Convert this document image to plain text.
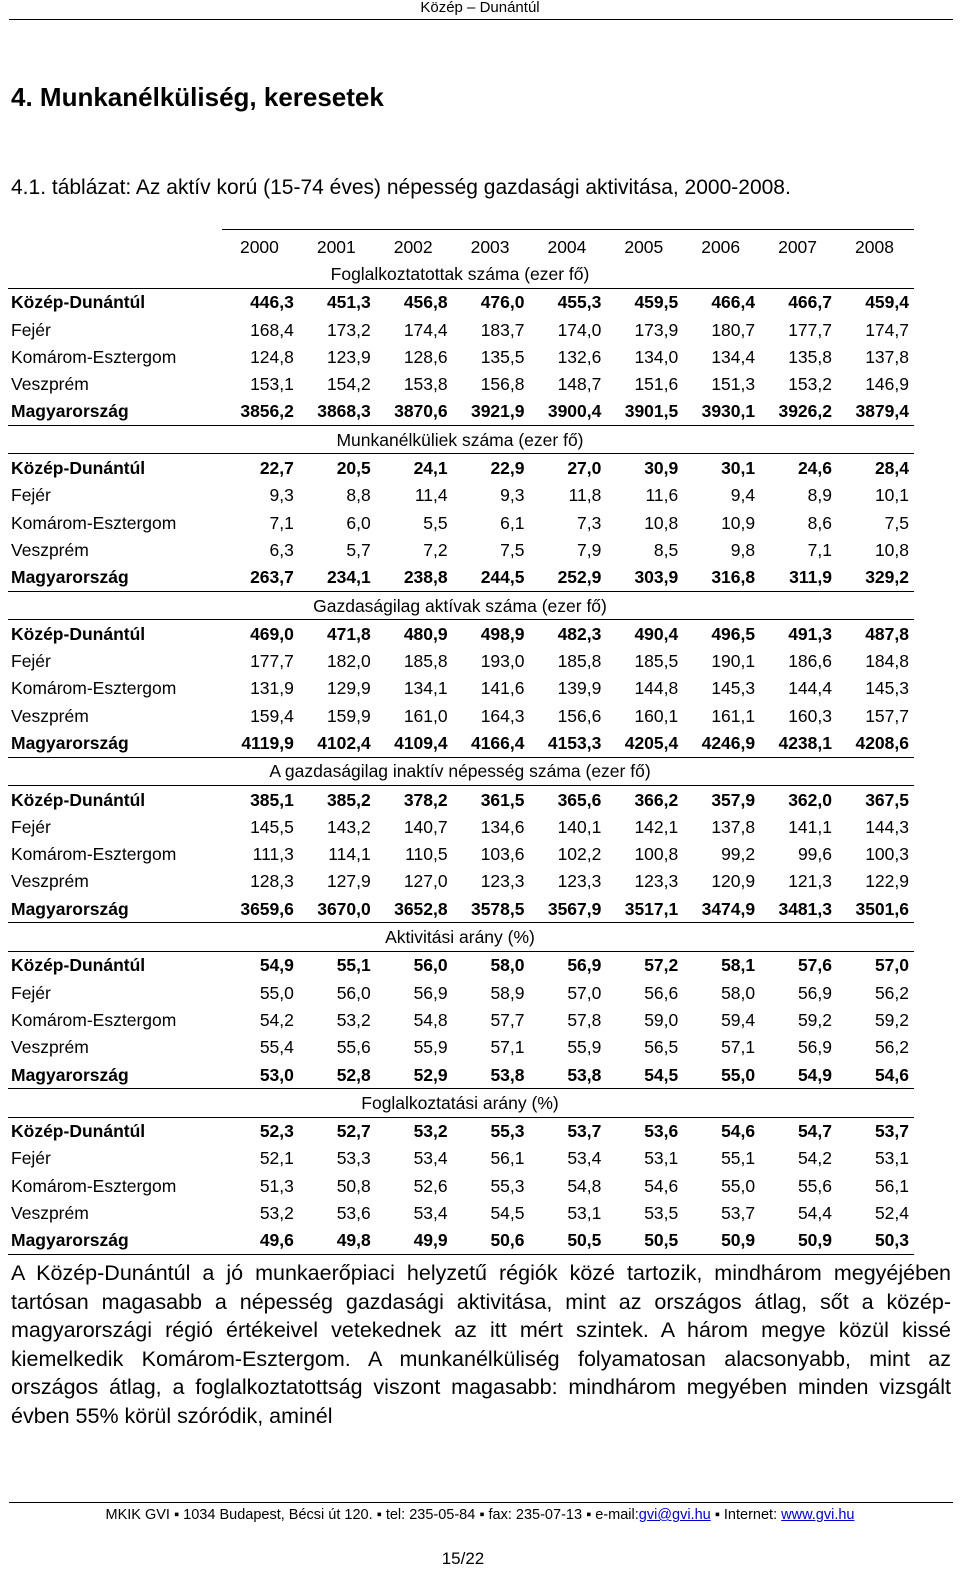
Közép – Dunántúl
4. Munkanélküliség, keresetek
4.1. táblázat: Az aktív korú (15-74 éves) népesség gazdasági aktivitása, 2000-2008.
	2000	2001	2002	2003	2004	2005	2006	2007	2008
Foglalkoztatottak száma (ezer fő)									
Közép-Dunántúl	446,3	451,3	456,8	476,0	455,3	459,5	466,4	466,7	459,4
Fejér	168,4	173,2	174,4	183,7	174,0	173,9	180,7	177,7	174,7
Komárom-Esztergom	124,8	123,9	128,6	135,5	132,6	134,0	134,4	135,8	137,8
Veszprém	153,1	154,2	153,8	156,8	148,7	151,6	151,3	153,2	146,9
Magyarország	3856,2	3868,3	3870,6	3921,9	3900,4	3901,5	3930,1	3926,2	3879,4
Munkanélküliek száma (ezer fő)									
Közép-Dunántúl	22,7	20,5	24,1	22,9	27,0	30,9	30,1	24,6	28,4
Fejér	9,3	8,8	11,4	9,3	11,8	11,6	9,4	8,9	10,1
Komárom-Esztergom	7,1	6,0	5,5	6,1	7,3	10,8	10,9	8,6	7,5
Veszprém	6,3	5,7	7,2	7,5	7,9	8,5	9,8	7,1	10,8
Magyarország	263,7	234,1	238,8	244,5	252,9	303,9	316,8	311,9	329,2
Gazdaságilag aktívak száma (ezer fő)									
Közép-Dunántúl	469,0	471,8	480,9	498,9	482,3	490,4	496,5	491,3	487,8
Fejér	177,7	182,0	185,8	193,0	185,8	185,5	190,1	186,6	184,8
Komárom-Esztergom	131,9	129,9	134,1	141,6	139,9	144,8	145,3	144,4	145,3
Veszprém	159,4	159,9	161,0	164,3	156,6	160,1	161,1	160,3	157,7
Magyarország	4119,9	4102,4	4109,4	4166,4	4153,3	4205,4	4246,9	4238,1	4208,6
A gazdaságilag inaktív népesség száma (ezer fő)									
Közép-Dunántúl	385,1	385,2	378,2	361,5	365,6	366,2	357,9	362,0	367,5
Fejér	145,5	143,2	140,7	134,6	140,1	142,1	137,8	141,1	144,3
Komárom-Esztergom	111,3	114,1	110,5	103,6	102,2	100,8	99,2	99,6	100,3
Veszprém	128,3	127,9	127,0	123,3	123,3	123,3	120,9	121,3	122,9
Magyarország	3659,6	3670,0	3652,8	3578,5	3567,9	3517,1	3474,9	3481,3	3501,6
Aktivitási arány (%)									
Közép-Dunántúl	54,9	55,1	56,0	58,0	56,9	57,2	58,1	57,6	57,0
Fejér	55,0	56,0	56,9	58,9	57,0	56,6	58,0	56,9	56,2
Komárom-Esztergom	54,2	53,2	54,8	57,7	57,8	59,0	59,4	59,2	59,2
Veszprém	55,4	55,6	55,9	57,1	55,9	56,5	57,1	56,9	56,2
Magyarország	53,0	52,8	52,9	53,8	53,8	54,5	55,0	54,9	54,6
Foglalkoztatási arány (%)									
Közép-Dunántúl	52,3	52,7	53,2	55,3	53,7	53,6	54,6	54,7	53,7
Fejér	52,1	53,3	53,4	56,1	53,4	53,1	55,1	54,2	53,1
Komárom-Esztergom	51,3	50,8	52,6	55,3	54,8	54,6	55,0	55,6	56,1
Veszprém	53,2	53,6	53,4	54,5	53,1	53,5	53,7	54,4	52,4
Magyarország	49,6	49,8	49,9	50,6	50,5	50,5	50,9	50,9	50,3
A Közép-Dunántúl a jó munkaerőpiaci helyzetű régiók közé tartozik, mindhárom megyéjében tartósan magasabb a népesség gazdasági aktivitása, mint az országos átlag, sőt a közép-magyarországi régió értékeivel vetekednek az itt mért szintek. A három megye közül kissé kiemelkedik Komárom-Esztergom. A munkanélküliség folyamatosan alacsonyabb, mint az országos átlag, a foglalkoztatottság viszont magasabb: mindhárom megyében minden vizsgált évben 55% körül szóródik, aminél
MKIK GVI ▪ 1034 Budapest, Bécsi út 120. ▪ tel: 235-05-84 ▪ fax: 235-07-13 ▪ e-mail:gvi@gvi.hu ▪ Internet: www.gvi.hu
15/22
